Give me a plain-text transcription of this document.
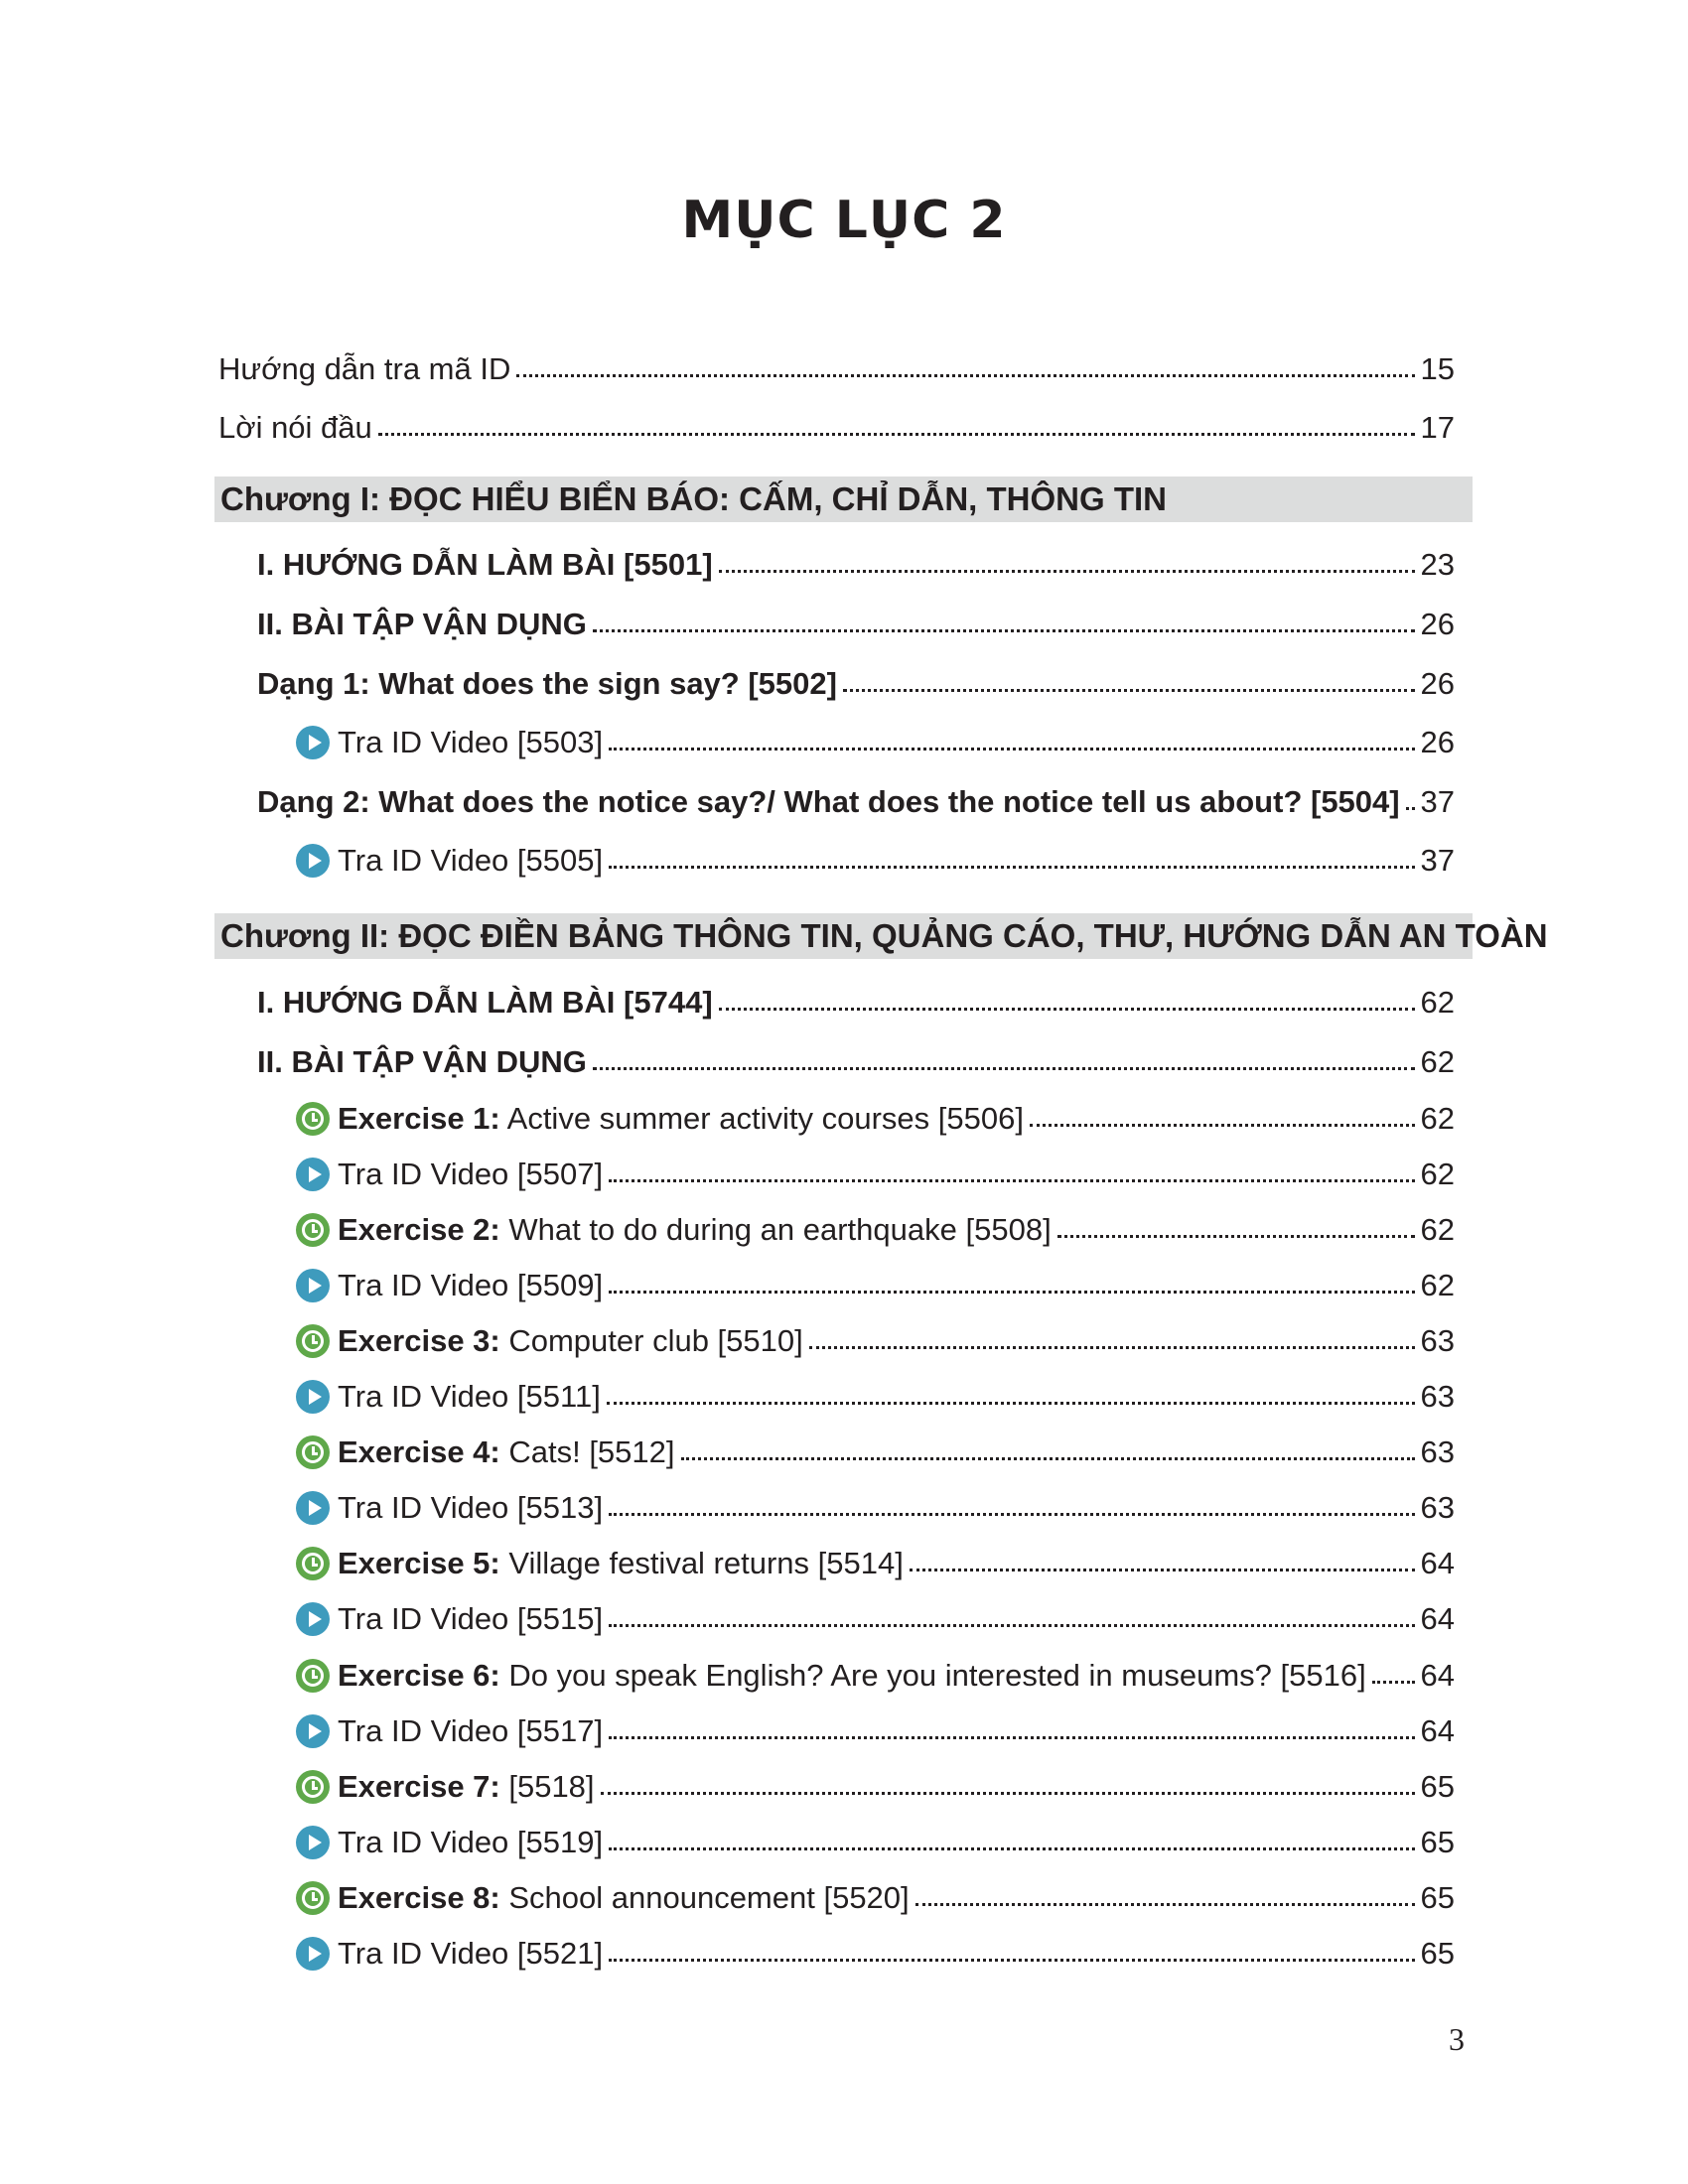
MỤC LỤC 2
Hướng dẫn tra mã ID	15
Lời nói đầu	17
Chương I: ĐỌC HIỂU BIỂN BÁO: CẤM, CHỈ DẪN, THÔNG TIN
I. HƯỚNG DẪN LÀM BÀI [5501]	23
II. BÀI TẬP VẬN DỤNG	26
Dạng 1: What does the sign say? [5502]	26
Tra ID Video [5503]	26
Dạng 2: What does the notice say?/ What does the notice tell us about? [5504] 37
Tra ID Video [5505]	37
Chương II: ĐỌC ĐIỀN BẢNG THÔNG TIN, QUẢNG CÁO, THƯ, HƯỚNG DẪN AN TOÀN
I. HƯỚNG DẪN LÀM BÀI [5744]	62
II. BÀI TẬP VẬN DỤNG	62
Exercise 1: Active summer activity courses [5506]	62
Tra ID Video [5507]	62
Exercise 2: What to do during an earthquake [5508]	62
Tra ID Video [5509]	62
Exercise 3: Computer club [5510]	63
Tra ID Video [5511]	63
Exercise 4: Cats! [5512]	63
Tra ID Video [5513]	63
Exercise 5: Village festival returns [5514]	64
Tra ID Video [5515]	64
Exercise 6: Do you speak English? Are you interested in museums? [5516] 64
Tra ID Video [5517]	64
Exercise 7: [5518]	65
Tra ID Video [5519]	65
Exercise 8: School announcement [5520]	65
Tra ID Video [5521]	65
3
